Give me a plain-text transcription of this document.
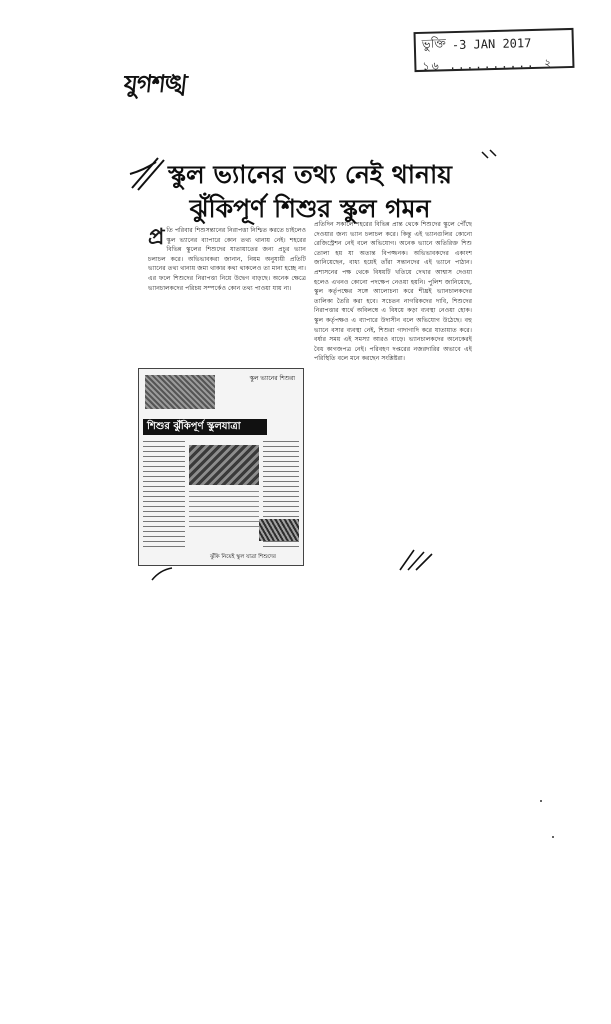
ভুক্তি -3 JAN 2017
১৬ .......... ২
যুগশঙ্খ
স্কুল ভ্যানের তথ্য নেই থানায়
ঝুঁকিপূর্ণ শিশুর স্কুল গমন
প্র তি পরিবার শিশুসন্তানের নিরাপত্তা নিশ্চিত করতে চাইলেও স্কুল ভ্যানের ব্যাপারে কোন তথ্য থানায় নেই। শহরের বিভিন্ন স্কুলের শিশুদের যাতায়াতের জন্য প্রচুর ভ্যান চলাচল করে। অভিভাবকরা জানান, নিয়ম অনুযায়ী প্রতিটি ভ্যানের তথ্য থানায় জমা থাকার কথা থাকলেও তা মানা হচ্ছে না। এর ফলে শিশুদের নিরাপত্তা নিয়ে উদ্বেগ বাড়ছে। অনেক ক্ষেত্রে ভ্যানচালকদের পরিচয় সম্পর্কেও কোন তথ্য পাওয়া যায় না।
প্রতিদিন সকালে শহরের বিভিন্ন প্রান্ত থেকে শিশুদের স্কুলে পৌঁছে দেওয়ার জন্য ভ্যান চলাচল করে। কিন্তু এই ভ্যানগুলির কোনো রেজিস্ট্রেশন নেই বলে অভিযোগ। অনেক ভ্যানে অতিরিক্ত শিশু তোলা হয় যা অত্যন্ত বিপজ্জনক। অভিভাবকদের একাংশ জানিয়েছেন, বাধ্য হয়েই তাঁরা সন্তানদের এই ভ্যানে পাঠান। প্রশাসনের পক্ষ থেকে বিষয়টি খতিয়ে দেখার আশ্বাস দেওয়া হলেও এখনও কোনো পদক্ষেপ নেওয়া হয়নি। পুলিশ জানিয়েছে, স্কুল কর্তৃপক্ষের সঙ্গে আলোচনা করে শীঘ্রই ভ্যানচালকদের তালিকা তৈরি করা হবে। সচেতন নাগরিকদের দাবি, শিশুদের নিরাপত্তার স্বার্থে অবিলম্বে এ বিষয়ে কড়া ব্যবস্থা নেওয়া হোক। স্কুল কর্তৃপক্ষও এ ব্যাপারে উদাসীন বলে অভিযোগ উঠেছে। বহু ভ্যানে বসার ব্যবস্থা নেই, শিশুরা গাদাগাদি করে যাতায়াত করে। বর্ষার সময় এই সমস্যা আরও বাড়ে। ভ্যানচালকদের অনেকেরই বৈধ কাগজপত্র নেই। পরিবহণ দপ্তরের নজরদারির অভাবে এই পরিস্থিতি বলে মনে করছেন সংশ্লিষ্টরা।
স্কুল ভ্যানের শিশুরা
শিশুর ঝুঁকিপূর্ণ স্কুলযাত্রা
ঝুঁকি নিয়েই স্কুল যাত্রা শিশুদের
